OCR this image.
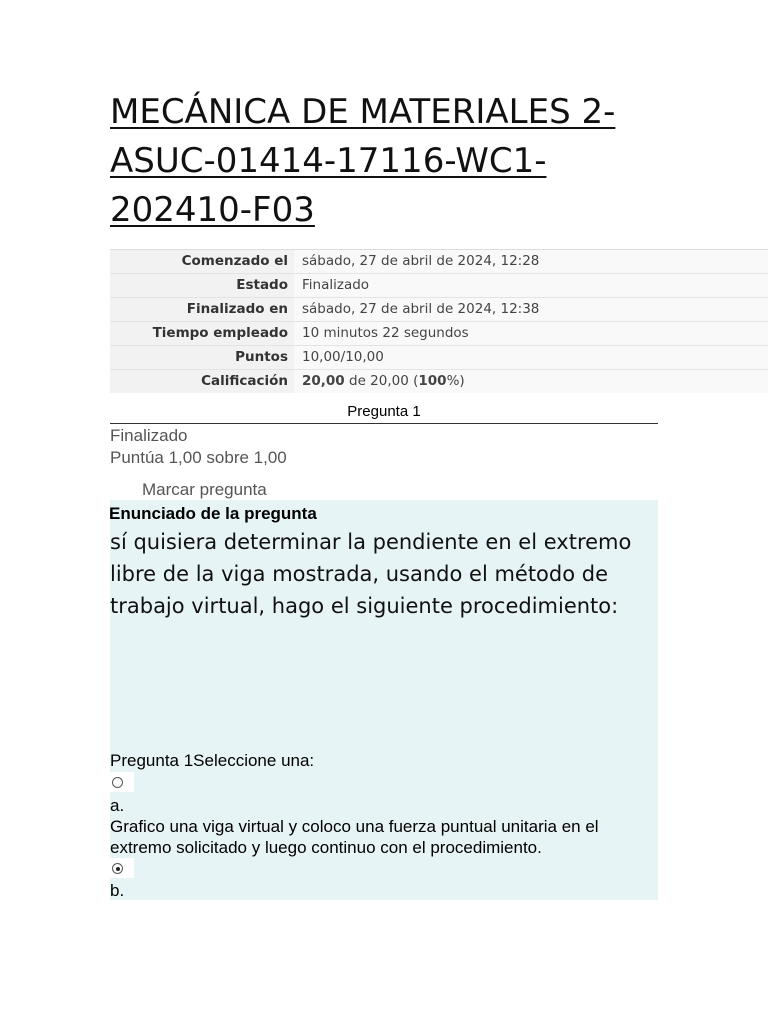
MECÁNICA DE MATERIALES 2-ASUC-01414-17116-WC1-202410-F03
Comenzado el	sábado, 27 de abril de 2024, 12:28
Estado	Finalizado
Finalizado en	sábado, 27 de abril de 2024, 12:38
Tiempo empleado	10 minutos 22 segundos
Puntos	10,00/10,00
Calificación	20,00 de 20,00 (100%)
Pregunta 1
Finalizado
Puntúa 1,00 sobre 1,00
Marcar pregunta
Enunciado de la pregunta
sí quisiera determinar la pendiente en el extremo libre de la viga mostrada, usando el método de trabajo virtual, hago el siguiente procedimiento:
Pregunta 1Seleccione una:
a.
Grafico una viga virtual y coloco una fuerza puntual unitaria en el extremo solicitado y luego continuo con el procedimiento.
b.
